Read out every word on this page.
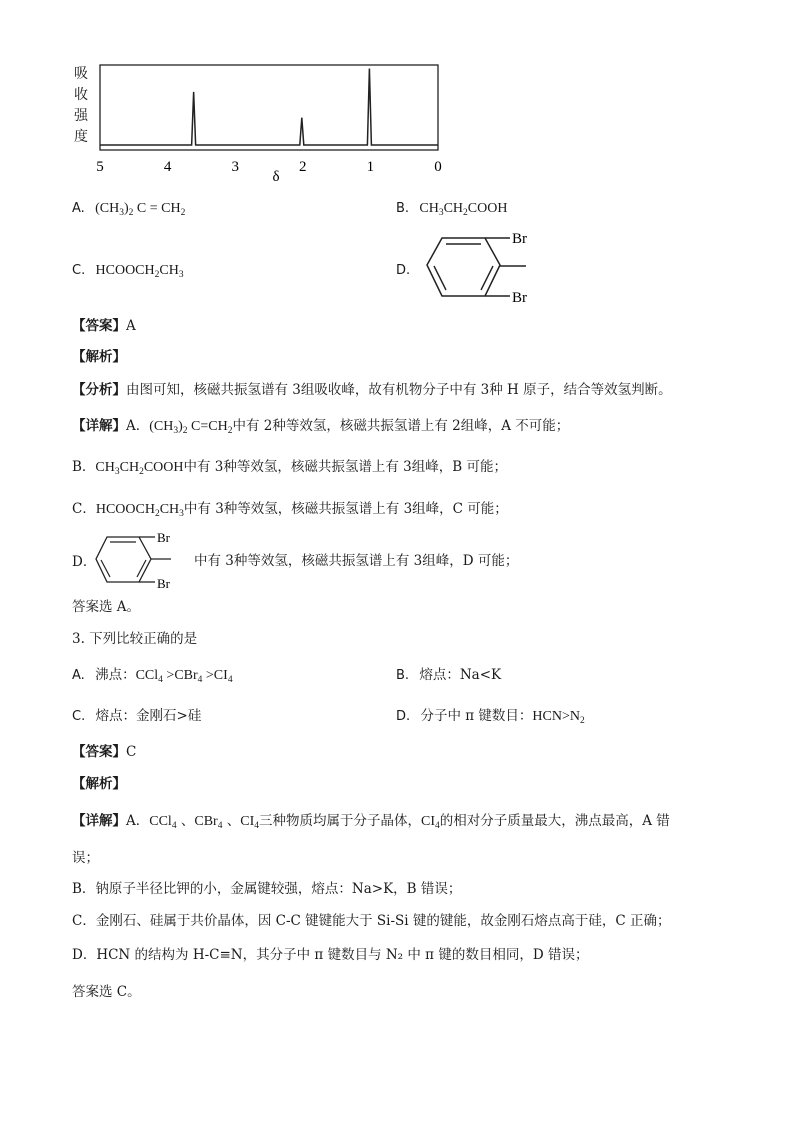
吸
收
强
度
5	4	3	2	1	0
δ
A. $(CH_3)_2$ $C = CH_2$	B. $CH_3CH_2COOH$
C. $HCOOCH_2CH_3$	D.
Br
Br
【答案】A
【解析】
【分析】由图可知，核磁共振氢谱有 3组吸收峰，故有机物分子中有 3种 H 原子，结合等效氢判断。
【详解】A．$(CH_3)_2$ $C=CH_2$中有 2种等效氢，核磁共振氢谱上有 2组峰，A 不可能；
B．$CH_3CH_2COOH$中有 3种等效氢，核磁共振氢谱上有 3组峰，B 可能；
C．$HCOOCH_2CH_3$中有 3种等效氢，核磁共振氢谱上有 3组峰，C 可能；
D．
Br
Br
中有 3种等效氢，核磁共振氢谱上有 3组峰，D 可能；
答案选 A。
3. 下列比较正确的是
A. 沸点：$CCl_4 >CBr_4 >CI_4$	B. 熔点：Na<K
C. 熔点：金刚石>硅	D. 分子中 π 键数目：$HCN>N_2$
【答案】C
【解析】
【详解】A．CCl$_4$ 、CBr$_4$ 、$CI_4$三种物质均属于分子晶体，$CI_4$的相对分子质量最大，沸点最高，A 错
误；
B．钠原子半径比钾的小，金属键较强，熔点：Na>K，B 错误；
C．金刚石、硅属于共价晶体，因 C-C 键键能大于 Si-Si 键的键能，故金刚石熔点高于硅，C 正确；
D．HCN 的结构为 H-C≡N，其分子中 π 键数目与 N₂ 中 π 键的数目相同，D 错误；
答案选 C。
